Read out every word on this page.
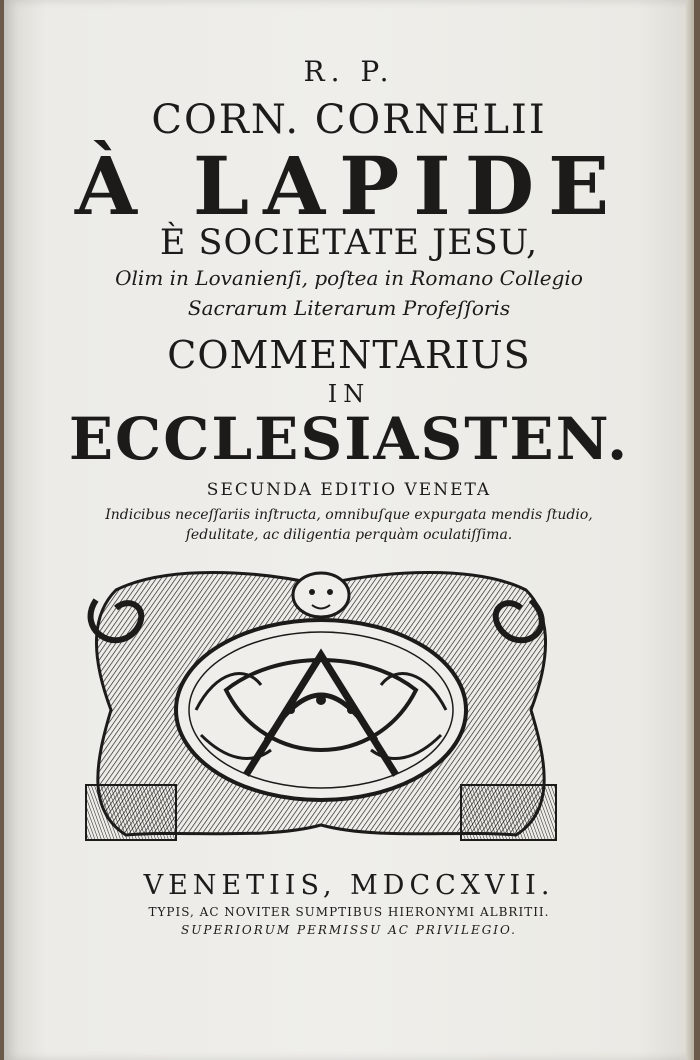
R. P.
CORN. CORNELII
À LAPIDE
È SOCIETATE JESU,
Olim in Lovanienſi, poſtea in Romano Collegio
Sacrarum Literarum Profeſſoris
COMMENTARIUS
IN
ECCLESIASTEN.
SECUNDA EDITIO VENETA
Indicibus neceſſariis inſtructa, omnibuſque expurgata mendis ſtudio,
ſedulitate, ac diligentia perquàm oculatiſſima.
VENETIIS, MDCCXVII.
TYPIS, AC NOVITER SUMPTIBUS HIERONYMI ALBRITII.
SUPERIORUM PERMISSU AC PRIVILEGIO.
